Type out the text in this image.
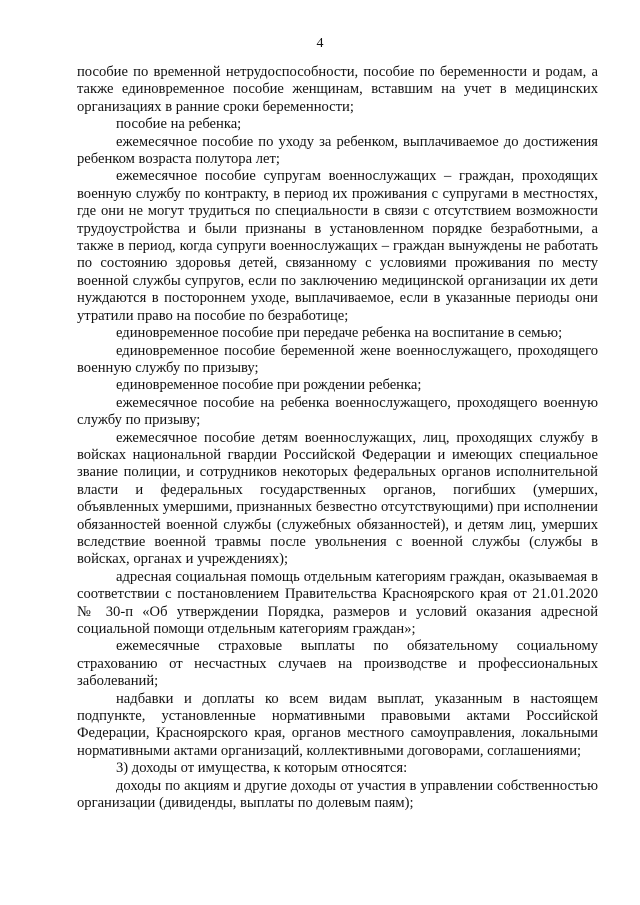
4

пособие по временной нетрудоспособности, пособие по беременности и родам, а также единовременное пособие женщинам, вставшим на учет в медицинских организациях в ранние сроки беременности;

пособие на ребенка;

ежемесячное пособие по уходу за ребенком, выплачиваемое до достижения ребенком возраста полутора лет;

ежемесячное пособие супругам военнослужащих – граждан, проходящих военную службу по контракту, в период их проживания с супругами в местностях, где они не могут трудиться по специальности в связи с отсутствием возможности трудоустройства и были признаны в установленном порядке безработными, а также в период, когда супруги военнослужащих – граждан вынуждены не работать по состоянию здоровья детей, связанному с условиями проживания по месту военной службы супругов, если по заключению медицинской организации их дети нуждаются в постороннем уходе, выплачиваемое, если в указанные периоды они утратили право на пособие по безработице;

единовременное пособие при передаче ребенка на воспитание в семью;

единовременное пособие беременной жене военнослужащего, проходящего военную службу по призыву;

единовременное пособие при рождении ребенка;

ежемесячное пособие на ребенка военнослужащего, проходящего военную службу по призыву;

ежемесячное пособие детям военнослужащих, лиц, проходящих службу в войсках национальной гвардии Российской Федерации и имеющих специальное звание полиции, и сотрудников некоторых федеральных органов исполнительной власти и федеральных государственных органов, погибших (умерших, объявленных умершими, признанных безвестно отсутствующими) при исполнении обязанностей военной службы (служебных обязанностей), и детям лиц, умерших вследствие военной травмы после увольнения с военной службы (службы в войсках, органах и учреждениях);

адресная социальная помощь отдельным категориям граждан, оказываемая в соответствии с постановлением Правительства Красноярского края от 21.01.2020 № 30-п «Об утверждении Порядка, размеров и условий оказания адресной социальной помощи отдельным категориям граждан»;

ежемесячные страховые выплаты по обязательному социальному страхованию от несчастных случаев на производстве и профессиональных заболеваний;

надбавки и доплаты ко всем видам выплат, указанным в настоящем подпункте, установленные нормативными правовыми актами Российской Федерации, Красноярского края, органов местного самоуправления, локальными нормативными актами организаций, коллективными договорами, соглашениями;

3) доходы от имущества, к которым относятся:

доходы по акциям и другие доходы от участия в управлении собственностью организации (дивиденды, выплаты по долевым паям);
